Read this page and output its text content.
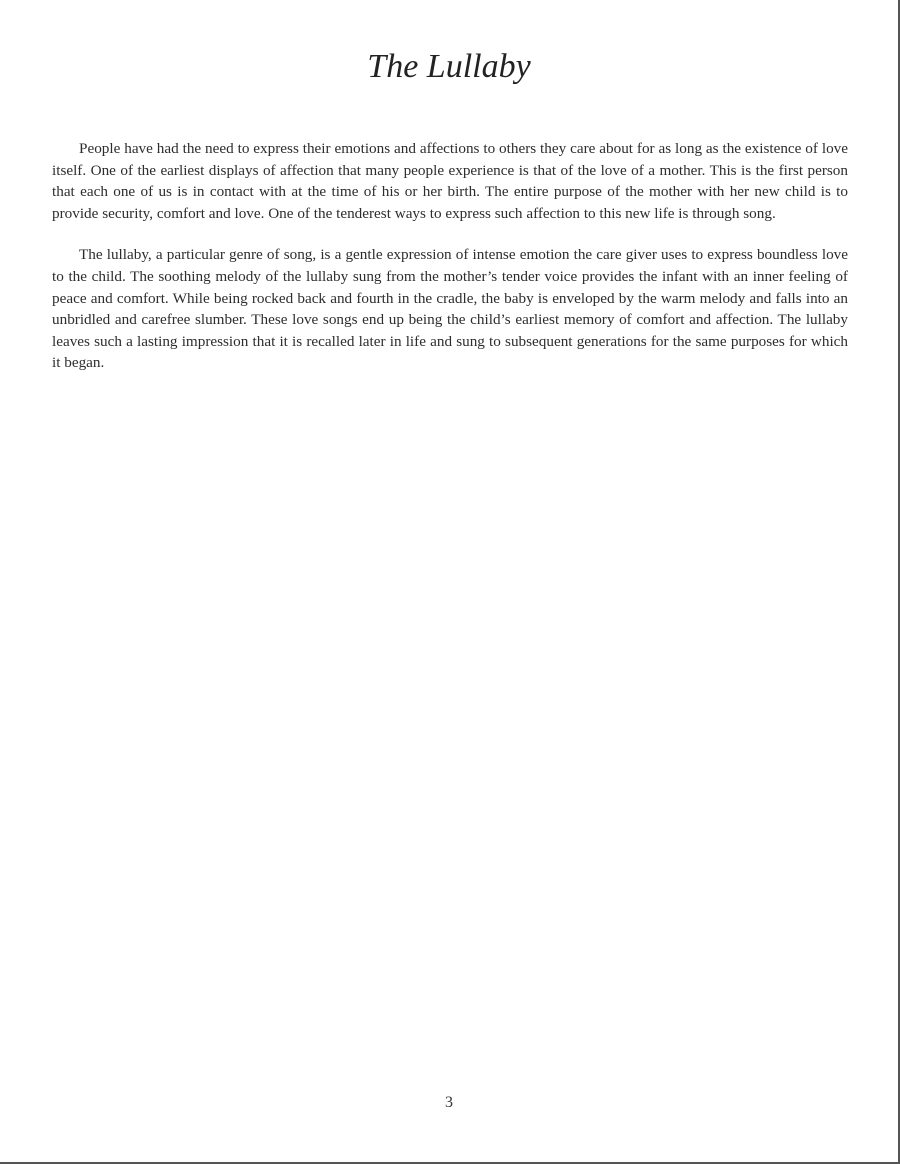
The Lullaby

People have had the need to express their emotions and affections to others they care about for as long as the existence of love itself. One of the earliest displays of affection that many people experience is that of the love of a mother. This is the first person that each one of us is in contact with at the time of his or her birth. The entire purpose of the mother with her new child is to provide security, comfort and love. One of the tenderest ways to express such affection to this new life is through song.

The lullaby, a particular genre of song, is a gentle expression of intense emotion the care giver uses to express boundless love to the child. The soothing melody of the lullaby sung from the mother’s tender voice provides the infant with an inner feeling of peace and comfort. While being rocked back and fourth in the cradle, the baby is enveloped by the warm melody and falls into an unbridled and carefree slumber. These love songs end up being the child’s earliest memory of comfort and affection. The lullaby leaves such a lasting impression that it is recalled later in life and sung to subsequent generations for the same purposes for which it began.

3
